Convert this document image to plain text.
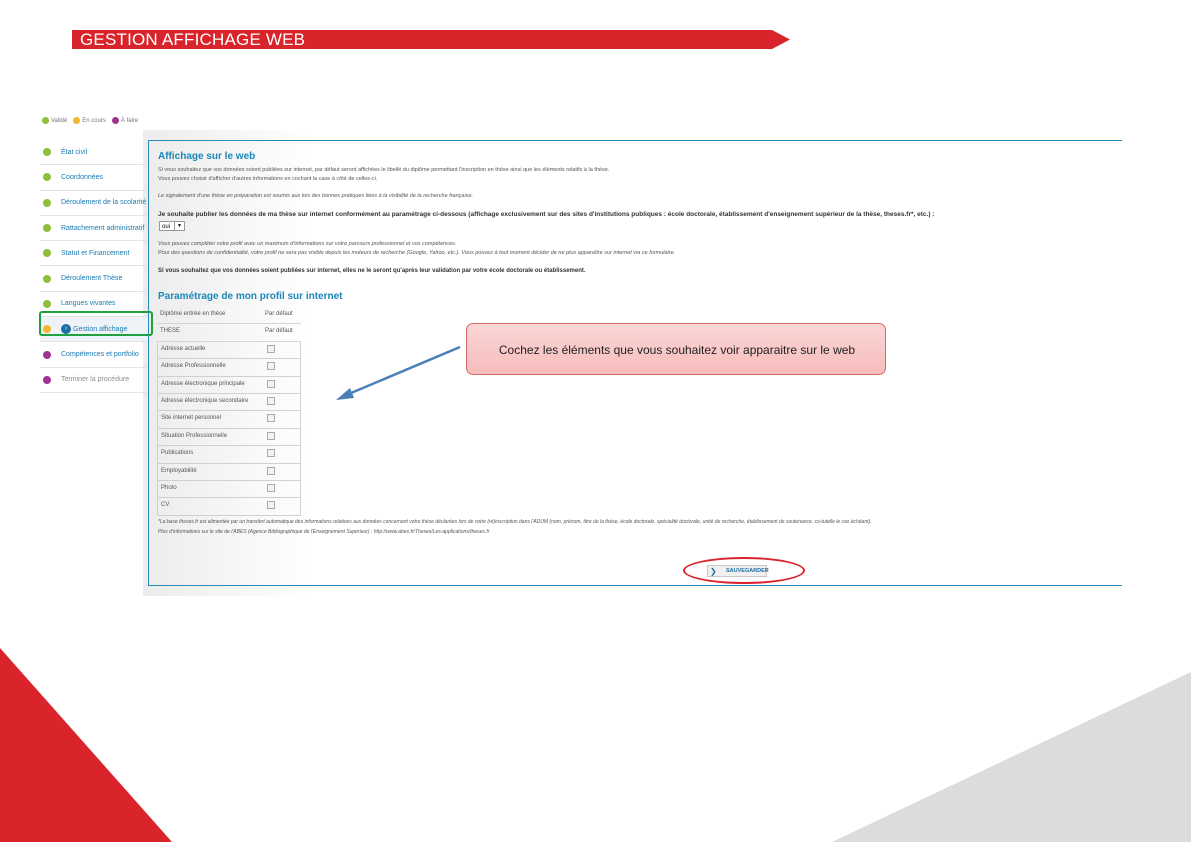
GESTION AFFICHAGE WEB
Validé	En cours	À faire
État civil
Coordonnées
Déroulement de la scolarité
Rattachement administratif
Statut et Financement
Déroulement Thèse
Langues vivantes
› Gestion affichage
Compétences et portfolio
Terminer la procédure
Affichage sur le web
Si vous souhaitez que vos données soient publiées sur internet, par défaut seront affichées le libellé du diplôme permettant l'inscription en thèse ainsi que les éléments relatifs à la thèse.
Vous pouvez choisir d'afficher d'autres informations en cochant la case à côté de celles-ci.
Le signalement d'une thèse en préparation est soumis aux lois des bonnes pratiques liées à la visibilité de la recherche française.
Je souhaite publier les données de ma thèse sur internet conformément au paramétrage ci-dessous (affichage exclusivement sur des sites d'institutions publiques : école doctorale, établissement d'enseignement supérieur de la thèse, theses.fr*, etc.) :
oui	▼
Vous pouvez compléter votre profil avec un maximum d'informations sur votre parcours professionnel et vos compétences.
Pour des questions de confidentialité, votre profil ne sera pas visible depuis les moteurs de recherche (Google, Yahoo, etc.). Vous pouvez à tout moment décider de ne plus apparaître sur internet via ce formulaire.
Si vous souhaitez que vos données soient publiées sur internet, elles ne le seront qu'après leur validation par votre école doctorale ou établissement.
Paramétrage de mon profil sur internet
Diplôme entrée en thèse	Par défaut
THESE	Par défaut
Adresse actuelle
Adresse Professionnelle
Adresse électronique principale
Adresse électronique secondaire
Site internet personnel
Situation Professionnelle
Publications
Employabilité
Photo
CV
*La base theses.fr est alimentée par un transfert automatique des informations relatives aux données concernant votre thèse déclarées lors de votre (ré)inscription dans l'ADUM (nom, prénom, titre de la thèse, école doctorale, spécialité doctorale, unité de recherche, établissement de soutenance, co-tutelle le cas échéant).
Plus d'informations sur le site de l'ABES (Agence Bibliographique de l'Enseignement Supérieur) : http://www.abes.fr/Theses/Les-applications/theses.fr
❯ SAUVEGARDER
Cochez les éléments que vous souhaitez voir apparaitre sur le web
